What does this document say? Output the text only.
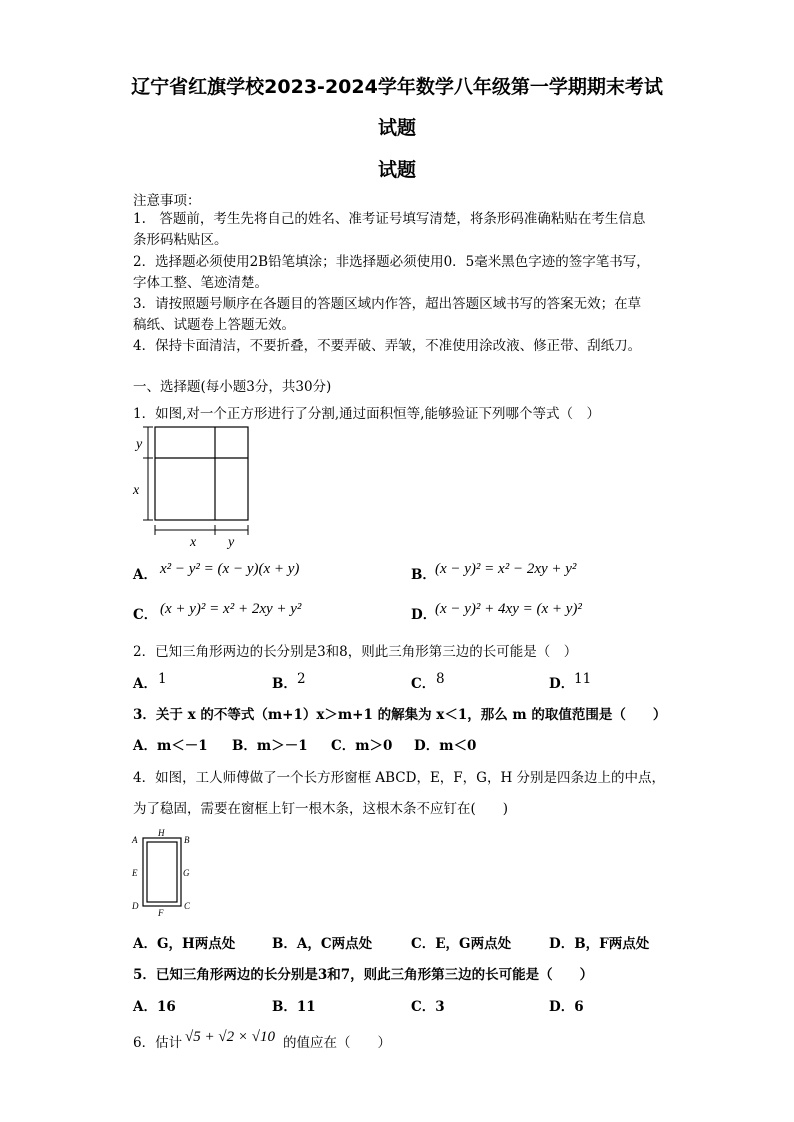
辽宁省红旗学校2023-2024学年数学八年级第一学期期末考试
试题
试题
注意事项：
1.　答题前，考生先将自己的姓名、准考证号填写清楚，将条形码准确粘贴在考生信息
条形码粘贴区。
2．选择题必须使用2B铅笔填涂；非选择题必须使用0．5毫米黑色字迹的签字笔书写，
字体工整、笔迹清楚。
3．请按照题号顺序在各题目的答题区域内作答，超出答题区域书写的答案无效；在草
稿纸、试题卷上答题无效。
4．保持卡面清洁，不要折叠，不要弄破、弄皱，不准使用涂改液、修正带、刮纸刀。
一、选择题(每小题3分，共30分)
1．如图,对一个正方形进行了分割,通过面积恒等,能够验证下列哪个等式（　）
y
x
x y
A． x² − y² = (x − y)(x + y)	B． (x − y)² = x² − 2xy + y²
C． (x + y)² = x² + 2xy + y²	D．
(x − y)² + 4xy = (x + y)²
2．已知三角形两边的长分别是3和8，则此三角形第三边的长可能是（　）
A． 1	B． 2	C． 8	D． 11
3．关于 x 的不等式（m+1）x＞m+1 的解集为 x＜1，那么 m 的取值范围是（　　）
A．m＜－1 B．m＞－1 C．m＞0 D．m＜0
4．如图，工人师傅做了一个长方形窗框 ABCD，E，F，G，H 分别是四条边上的中点，
为了稳固，需要在窗框上钉一根木条，这根木条不应钉在(　　)
A
H
B
E	G
D
F
C
A．G，H两点处	B．A，C两点处	C．E，G两点处	D．B，F两点处
5．已知三角形两边的长分别是3和7，则此三角形第三边的长可能是（　　）
A．16	B．11	C．3	D．6
6．估计 √5 + √2 × √10 的值应在（　　）
